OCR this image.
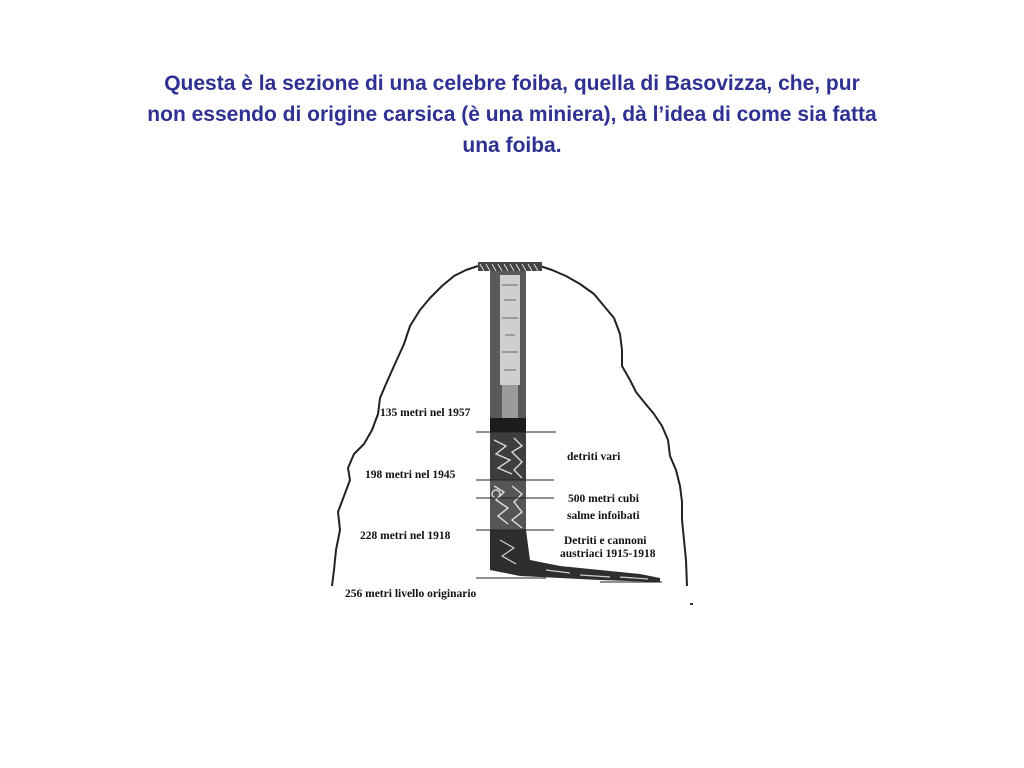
Questa è la sezione di una celebre foiba, quella di Basovizza, che, pur
non essendo di origine carsica (è una miniera), dà l’idea di come sia fatta
una foiba.

135 metri nel 1957
198 metri nel 1945
228 metri nel 1918
256 metri livello originario
detriti vari
500 metri cubi
salme infoibati
Detriti e cannoni
austriaci 1915-1918
